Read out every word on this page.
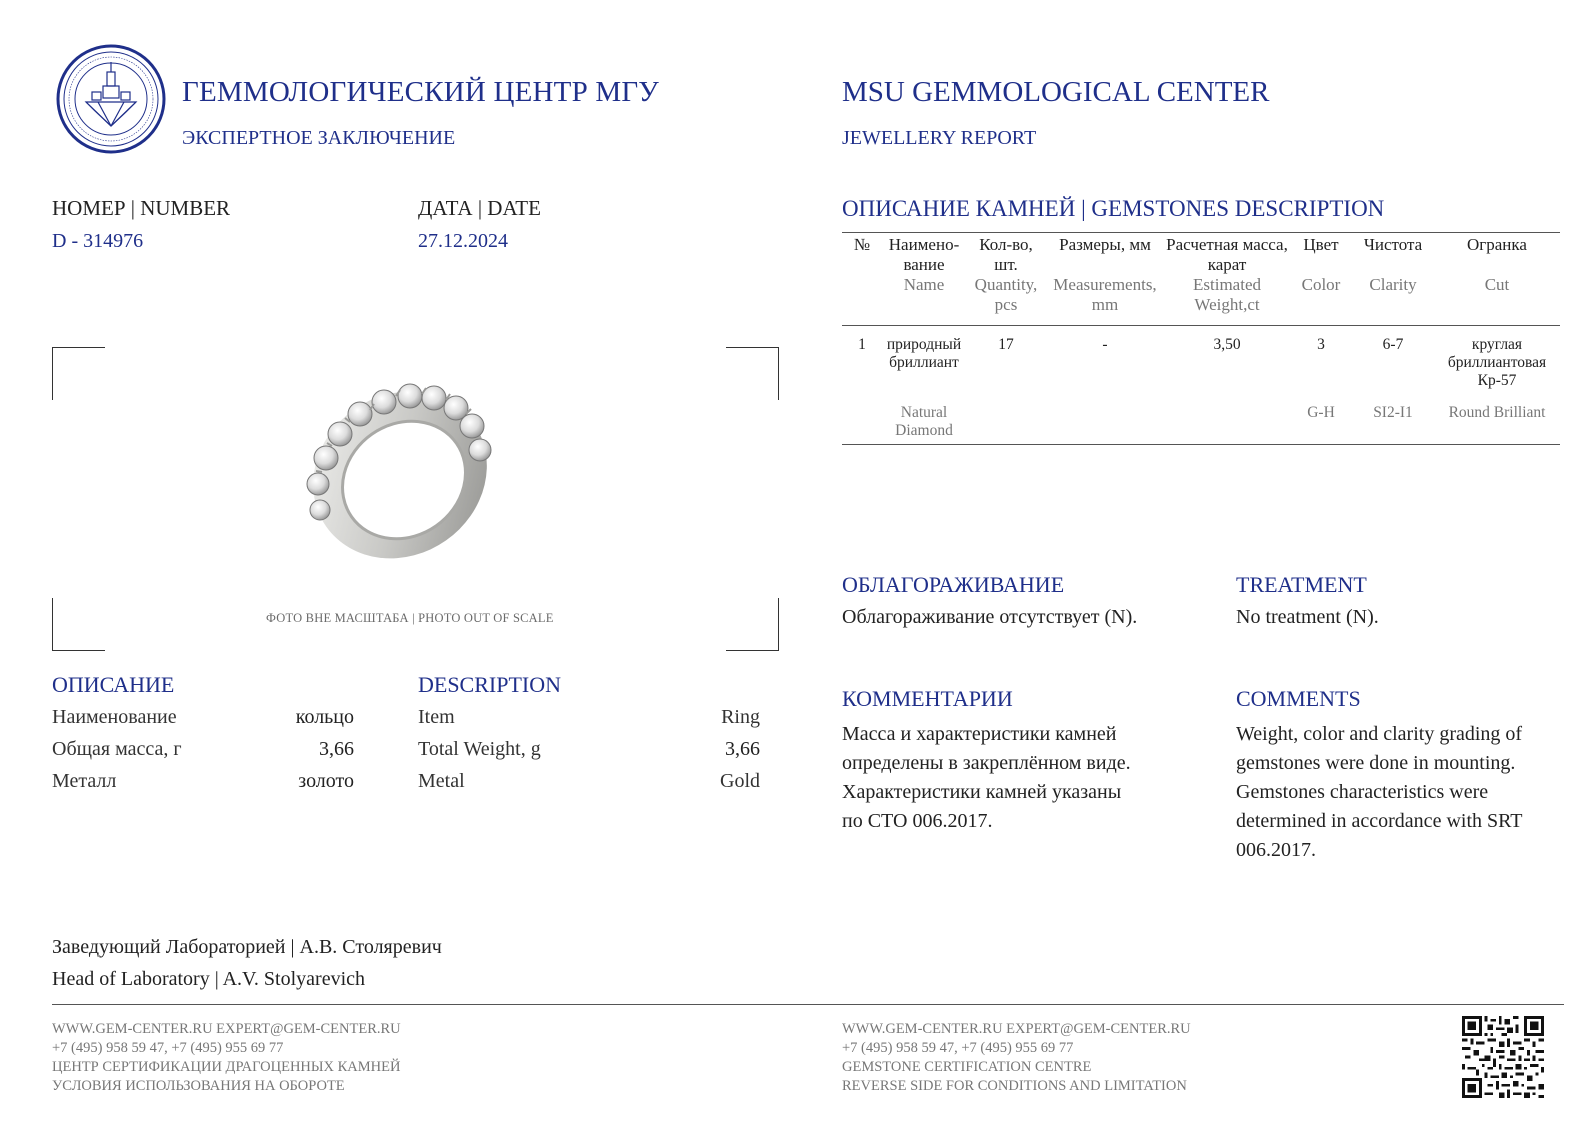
ГЕММОЛОГИЧЕСКИЙ ЦЕНТР МГУ
ЭКСПЕРТНОЕ ЗАКЛЮЧЕНИЕ
MSU GEMMOLOGICAL CENTER
JEWELLERY REPORT
НОМЕР | NUMBER
D - 314976
ДАТА | DATE
27.12.2024
ФОТО ВНЕ МАСШТАБА | PHOTO OUT OF SCALE
ОПИСАНИЕ	DESCRIPTION
Наименование	кольцо	Item	Ring
Общая масса, г	3,66	Total Weight, g	3,66
Металл	золото	Metal	Gold
ОПИСАНИЕ КАМНЕЙ | GEMSTONES DESCRIPTION
№	Наимено-вание	Кол-во, шт.	Размеры, мм	Расчетная масса, карат	Цвет	Чистота	Огранка
	Name	Quantity, pcs	Measurements, mm	Estimated Weight,ct	Color	Clarity	Cut
1	природный бриллиант	17	-	3,50	3	6-7	круглая бриллиантовая Кр-57
	Natural Diamond				G-H	SI2-I1	Round Brilliant
ОБЛАГОРАЖИВАНИЕ
Облагораживание отсутствует (N).
TREATMENT
No treatment (N).
КОММЕНТАРИИ
Масса и характеристики камней
определены в закреплённом виде.
Характеристики камней указаны
по СТО 006.2017.
COMMENTS
Weight, color and clarity grading of
gemstones were done in mounting.
Gemstones characteristics were
determined in accordance with SRT
006.2017.
Заведующий Лабораторией | А.В. Столяревич
Head of Laboratory | A.V. Stolyarevich
WWW.GEM-CENTER.RU EXPERT@GEM-CENTER.RU
+7 (495) 958 59 47, +7 (495) 955 69 77
ЦЕНТР СЕРТИФИКАЦИИ ДРАГОЦЕННЫХ КАМНЕЙ
УСЛОВИЯ ИСПОЛЬЗОВАНИЯ НА ОБОРОТЕ
WWW.GEM-CENTER.RU EXPERT@GEM-CENTER.RU
+7 (495) 958 59 47, +7 (495) 955 69 77
GEMSTONE CERTIFICATION CENTRE
REVERSE SIDE FOR CONDITIONS AND LIMITATION
